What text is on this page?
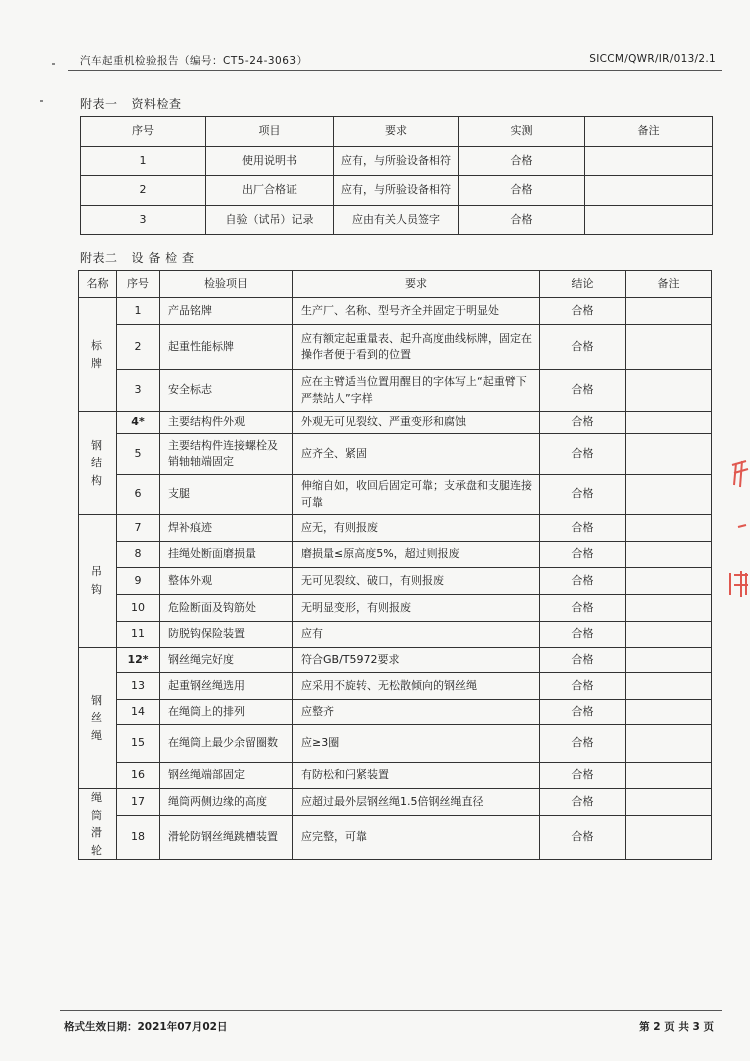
汽车起重机检验报告（编号：CT5-24-3063）	SICCM/QWR/IR/013/2.1
附表一 资料检查
序号	项目	要求	实测	备注
1	使用说明书	应有，与所验设备相符	合格	
2	出厂合格证	应有，与所验设备相符	合格	
3	自验（试吊）记录	应由有关人员签字	合格	
附表二 设 备 检 查
名称	序号	检验项目	要求	结论	备注
标
牌	1	产品铭牌	生产厂、名称、型号齐全并固定于明显处	合格	
	2	起重性能标牌	应有额定起重量表、起升高度曲线标牌，固定在操作者便于看到的位置	合格	
	3	安全标志	应在主臂适当位置用醒目的字体写上“起重臂下严禁站人”字样	合格	
钢
结
构	4*	主要结构件外观	外观无可见裂纹、严重变形和腐蚀	合格	
	5	主要结构件连接螺栓及销轴轴端固定	应齐全、紧固	合格	
	6	支腿	伸缩自如，收回后固定可靠；支承盘和支腿连接可靠	合格	
吊
钩	7	焊补痕迹	应无，有则报废	合格	
	8	挂绳处断面磨损量	磨损量≤原高度5%，超过则报废	合格	
	9	整体外观	无可见裂纹、破口，有则报废	合格	
	10	危险断面及钩筋处	无明显变形，有则报废	合格	
	11	防脱钩保险装置	应有	合格	
钢
丝
绳	12*	钢丝绳完好度	符合GB/T5972要求	合格	
	13	起重钢丝绳选用	应采用不旋转、无松散倾向的钢丝绳	合格	
	14	在绳筒上的排列	应整齐	合格	
	15	在绳筒上最少余留圈数	应≥3圈	合格	
	16	钢丝绳端部固定	有防松和闩紧装置	合格	
绳
筒
滑
轮	17	绳筒两侧边缘的高度	应超过最外层钢丝绳1.5倍钢丝绳直径	合格	
	18	滑轮防钢丝绳跳槽装置	应完整，可靠	合格	
格式生效日期：2021年07月02日	第 2 页 共 3 页
